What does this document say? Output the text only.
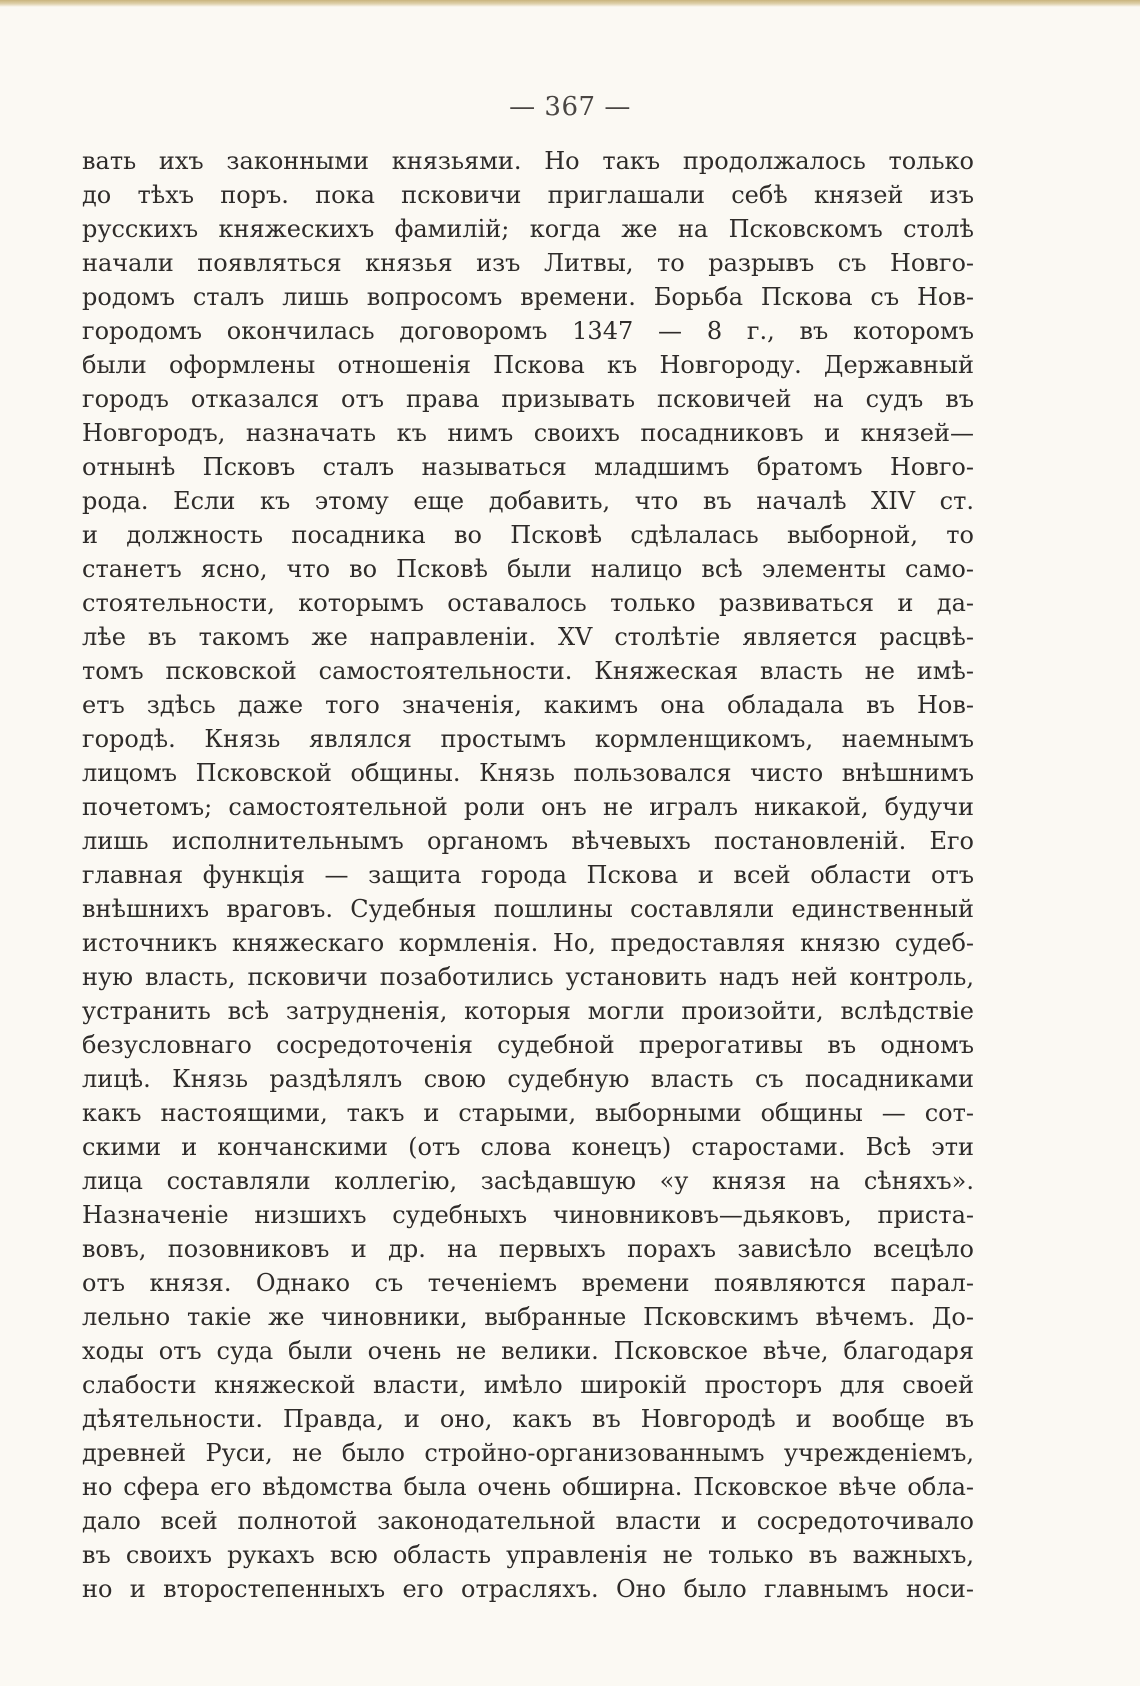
— 367 —
вать ихъ законными князьями. Но такъ продолжалось только
до тѣхъ поръ. пока псковичи приглашали себѣ князей изъ
русскихъ княжескихъ фамилій; когда же на Псковскомъ столѣ
начали появляться князья изъ Литвы, то разрывъ съ Новго-
родомъ сталъ лишь вопросомъ времени. Борьба Пскова съ Нов-
городомъ окончилась договоромъ 1347 — 8 г., въ которомъ
были оформлены отношенія Пскова къ Новгороду. Державный
городъ отказался отъ права призывать псковичей на судъ въ
Новгородъ, назначать къ нимъ своихъ посадниковъ и князей—
отнынѣ Псковъ сталъ называться младшимъ братомъ Новго-
рода. Если къ этому еще добавить, что въ началѣ XIV ст.
и должность посадника во Псковѣ сдѣлалась выборной, то
станетъ ясно, что во Псковѣ были налицо всѣ элементы само-
стоятельности, которымъ оставалось только развиваться и да-
лѣе въ такомъ же направленіи. XV столѣтіе является расцвѣ-
томъ псковской самостоятельности. Княжеская власть не имѣ-
етъ здѣсь даже того значенія, какимъ она обладала въ Нов-
городѣ. Князь являлся простымъ кормленщикомъ, наемнымъ
лицомъ Псковской общины. Князь пользовался чисто внѣшнимъ
почетомъ; самостоятельной роли онъ не игралъ никакой, будучи
лишь исполнительнымъ органомъ вѣчевыхъ постановленій. Его
главная функція — защита города Пскова и всей области отъ
внѣшнихъ враговъ. Судебныя пошлины составляли единственный
источникъ княжескаго кормленія. Но, предоставляя князю судеб-
ную власть, псковичи позаботились установить надъ ней контроль,
устранить всѣ затрудненія, которыя могли произойти, вслѣдствіе
безусловнаго сосредоточенія судебной прерогативы въ одномъ
лицѣ. Князь раздѣлялъ свою судебную власть съ посадниками
какъ настоящими, такъ и старыми, выборными общины — сот-
скими и кончанскими (отъ слова конецъ) старостами. Всѣ эти
лица составляли коллегію, засѣдавшую «у князя на сѣняхъ».
Назначеніе низшихъ судебныхъ чиновниковъ—дьяковъ, приста-
вовъ, позовниковъ и др. на первыхъ порахъ зависѣло всецѣло
отъ князя. Однако съ теченіемъ времени появляются парал-
лельно такіе же чиновники, выбранные Псковскимъ вѣчемъ. До-
ходы отъ суда были очень не велики. Псковское вѣче, благодаря
слабости княжеской власти, имѣло широкій просторъ для своей
дѣятельности. Правда, и оно, какъ въ Новгородѣ и вообще въ
древней Руси, не было стройно-организованнымъ учрежденіемъ,
но сфера его вѣдомства была очень обширна. Псковское вѣче обла-
дало всей полнотой законодательной власти и сосредоточивало
въ своихъ рукахъ всю область управленія не только въ важныхъ,
но и второстепенныхъ его отрасляхъ. Оно было главнымъ носи-
